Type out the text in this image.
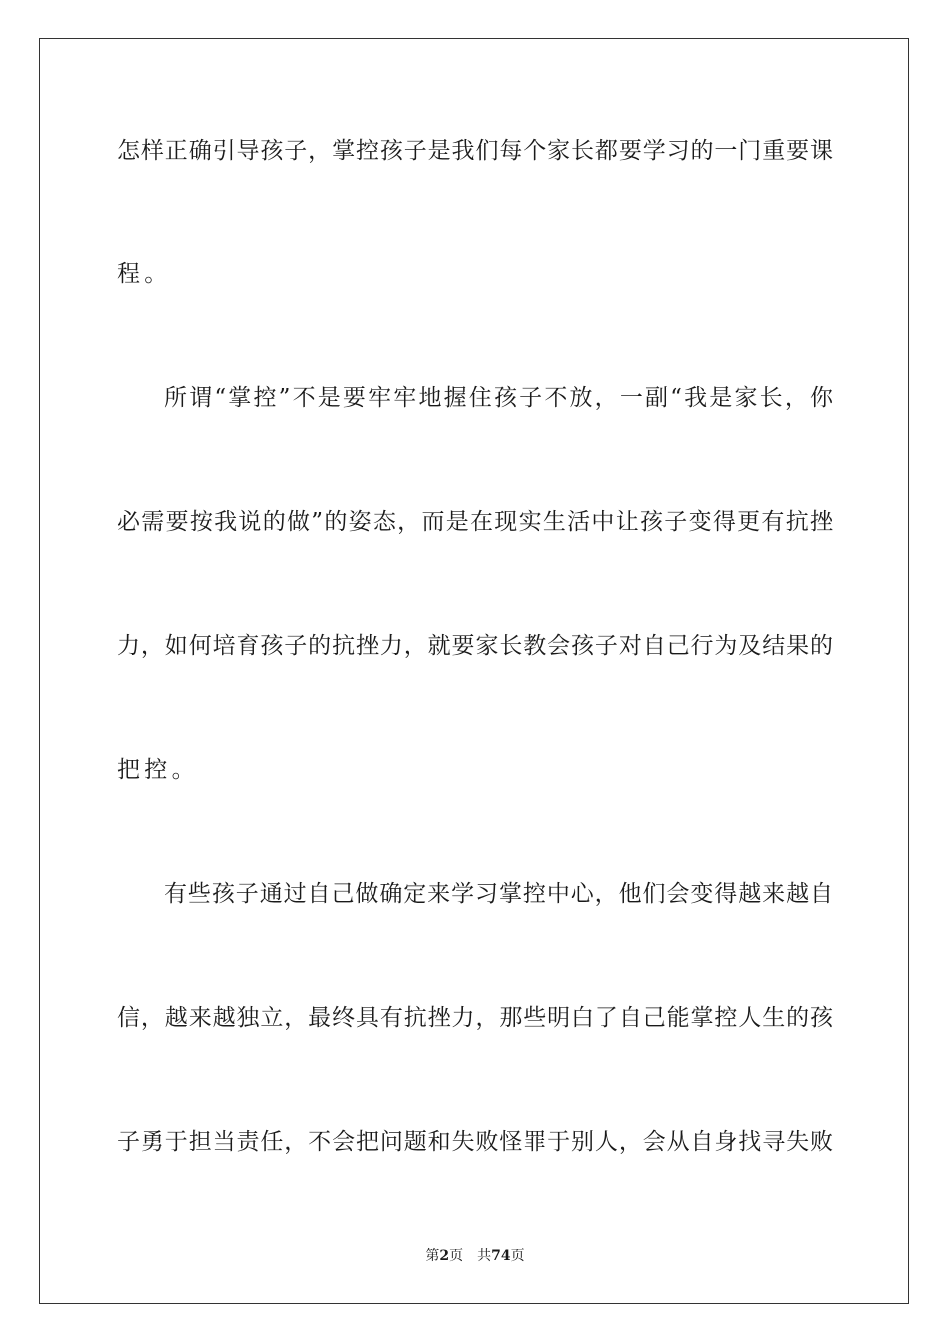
怎样正确引导孩子，掌控孩子是我们每个家长都要学习的一门重要课
程。
所谓“掌控”不是要牢牢地握住孩子不放，一副“我是家长，你
必需要按我说的做”的姿态，而是在现实生活中让孩子变得更有抗挫
力，如何培育孩子的抗挫力，就要家长教会孩子对自己行为及结果的
把控。
有些孩子通过自己做确定来学习掌控中心，他们会变得越来越自
信，越来越独立，最终具有抗挫力，那些明白了自己能掌控人生的孩
子勇于担当责任，不会把问题和失败怪罪于别人，会从自身找寻失败
第2页 共74页
